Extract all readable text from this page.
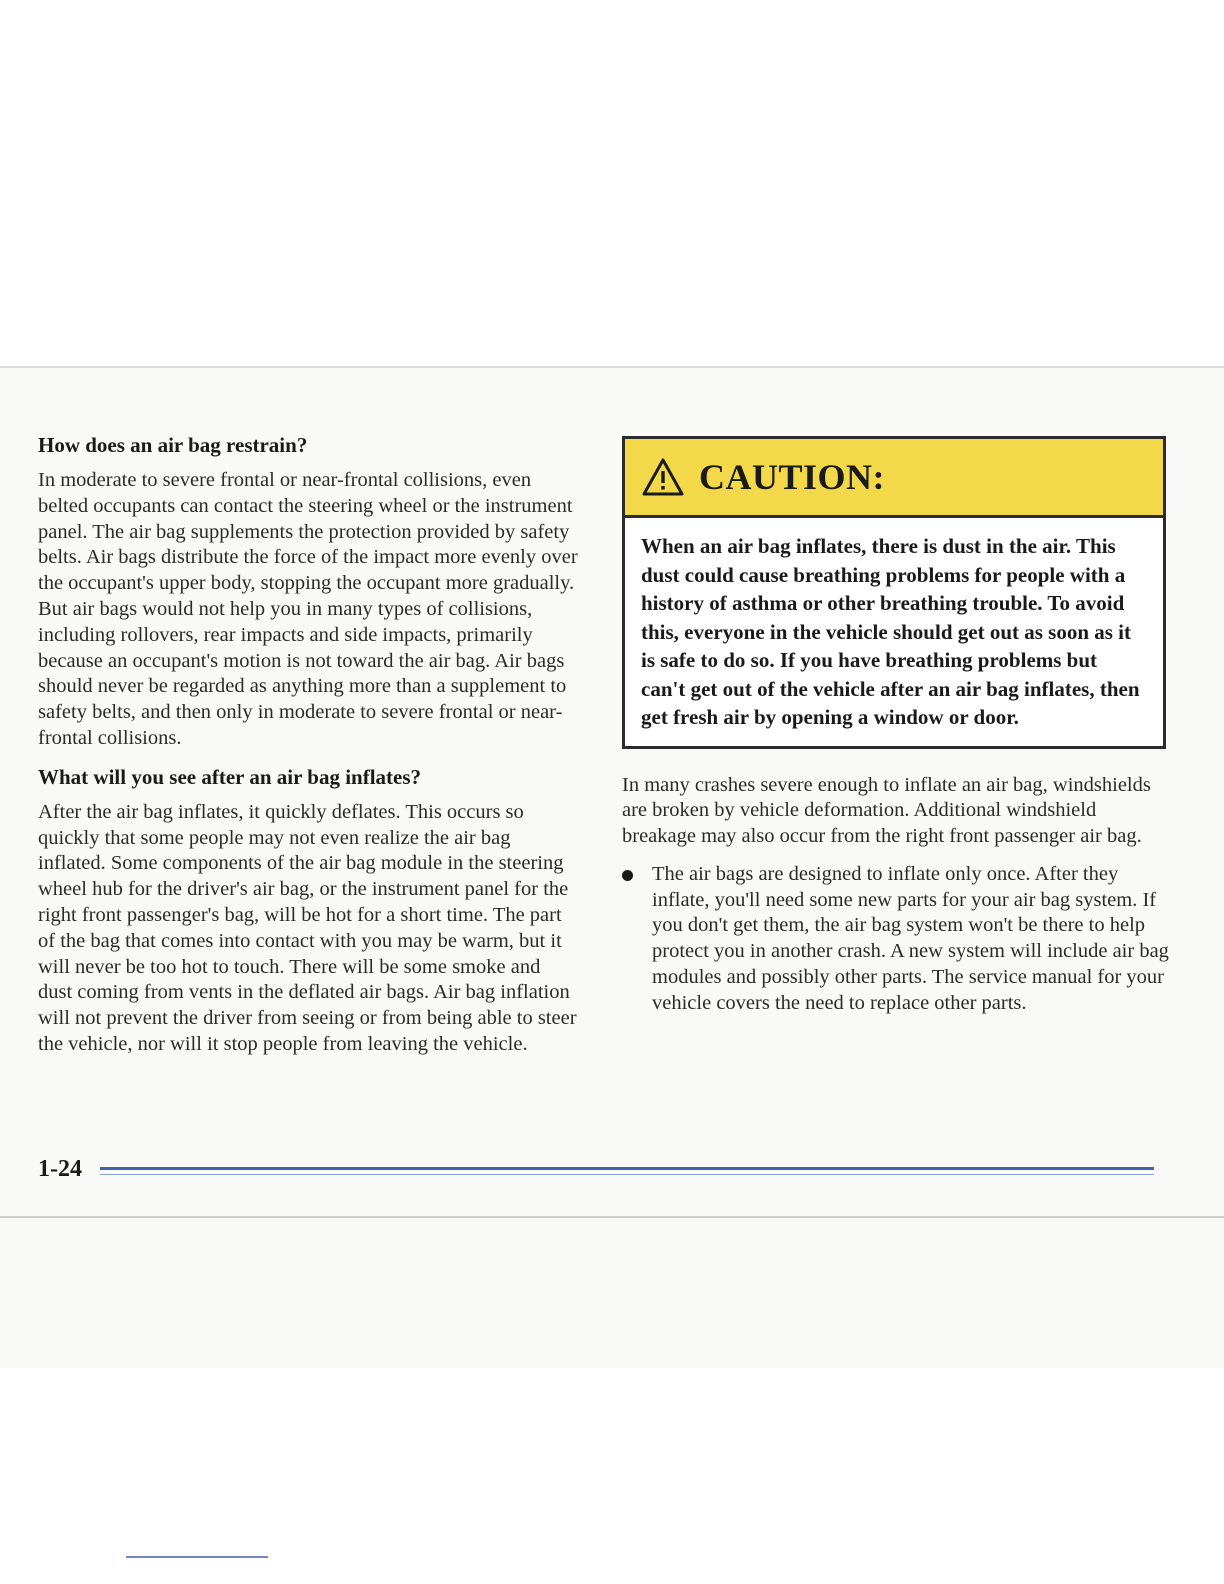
How does an air bag restrain?

In moderate to severe frontal or near-frontal collisions, even belted occupants can contact the steering wheel or the instrument panel. The air bag supplements the protection provided by safety belts. Air bags distribute the force of the impact more evenly over the occupant's upper body, stopping the occupant more gradually. But air bags would not help you in many types of collisions, including rollovers, rear impacts and side impacts, primarily because an occupant's motion is not toward the air bag. Air bags should never be regarded as anything more than a supplement to safety belts, and then only in moderate to severe frontal or near-frontal collisions.

What will you see after an air bag inflates?

After the air bag inflates, it quickly deflates. This occurs so quickly that some people may not even realize the air bag inflated. Some components of the air bag module in the steering wheel hub for the driver's air bag, or the instrument panel for the right front passenger's bag, will be hot for a short time. The part of the bag that comes into contact with you may be warm, but it will never be too hot to touch. There will be some smoke and dust coming from vents in the deflated air bags. Air bag inflation will not prevent the driver from seeing or from being able to steer the vehicle, nor will it stop people from leaving the vehicle.

CAUTION:
When an air bag inflates, there is dust in the air. This dust could cause breathing problems for people with a history of asthma or other breathing trouble. To avoid this, everyone in the vehicle should get out as soon as it is safe to do so. If you have breathing problems but can't get out of the vehicle after an air bag inflates, then get fresh air by opening a window or door.

In many crashes severe enough to inflate an air bag, windshields are broken by vehicle deformation. Additional windshield breakage may also occur from the right front passenger air bag.

The air bags are designed to inflate only once. After they inflate, you'll need some new parts for your air bag system. If you don't get them, the air bag system won't be there to help protect you in another crash. A new system will include air bag modules and possibly other parts. The service manual for your vehicle covers the need to replace other parts.
1-24
